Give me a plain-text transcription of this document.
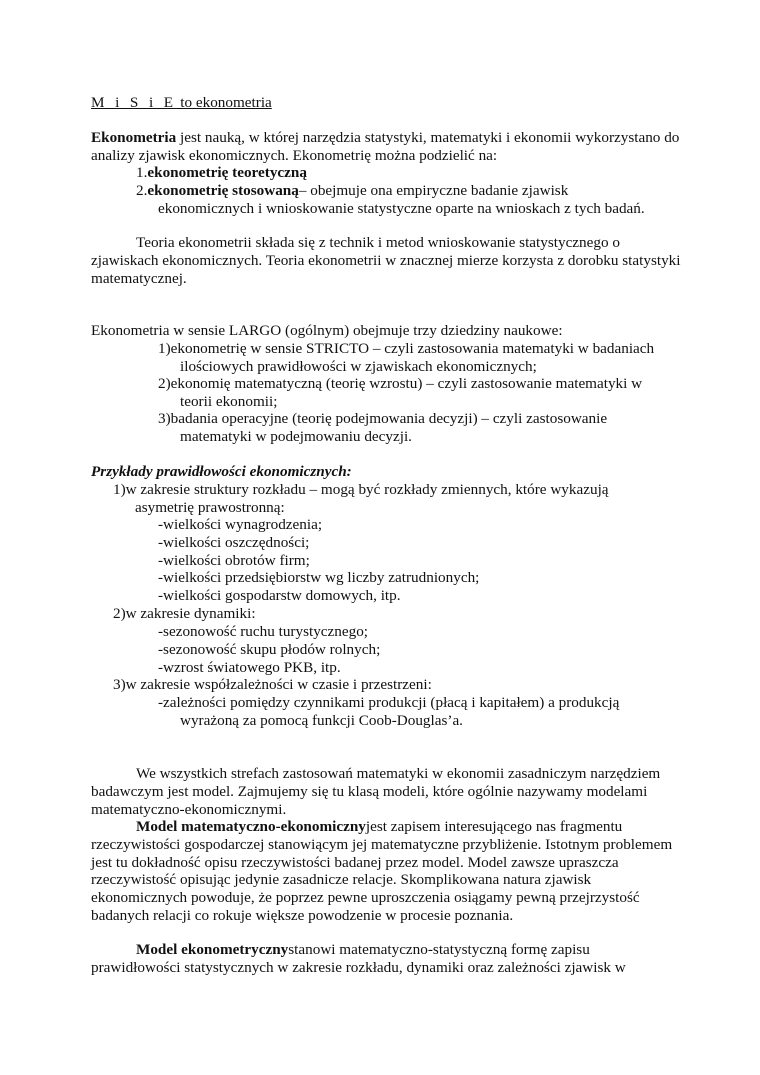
M i S i E to ekonometria

Ekonometria jest nauką, w której narzędzia statystyki, matematyki i ekonomii wykorzystano do analizy zjawisk ekonomicznych. Ekonometrię można podzielić na:

1.ekonometrię teoretyczną
2.ekonometrię stosowaną– obejmuje ona empiryczne badanie zjawisk
ekonomicznych i wnioskowanie statystyczne oparte na wnioskach z tych badań.

Teoria ekonometrii składa się z technik i metod wnioskowanie statystycznego o zjawiskach ekonomicznych. Teoria ekonometrii w znacznej mierze korzysta z dorobku statystyki matematycznej.

Ekonometria w sensie LARGO (ogólnym) obejmuje trzy dziedziny naukowe:

1)ekonometrię w sensie STRICTO – czyli zastosowania matematyki w badaniach
ilościowych prawidłowości w zjawiskach ekonomicznych;
2)ekonomię matematyczną (teorię wzrostu) – czyli zastosowanie matematyki w
teorii ekonomii;
3)badania operacyjne (teorię podejmowania decyzji) – czyli zastosowanie
matematyki w podejmowaniu decyzji.

Przykłady prawidłowości ekonomicznych:

1)w zakresie struktury rozkładu – mogą być rozkłady zmiennych, które wykazują
asymetrię prawostronną:
-wielkości wynagrodzenia;
-wielkości oszczędności;
-wielkości obrotów firm;
-wielkości przedsiębiorstw wg liczby zatrudnionych;
-wielkości gospodarstw domowych, itp.
2)w zakresie dynamiki:
-sezonowość ruchu turystycznego;
-sezonowość skupu płodów rolnych;
-wzrost światowego PKB, itp.
3)w zakresie współzależności w czasie i przestrzeni:
-zależności pomiędzy czynnikami produkcji (płacą i kapitałem) a produkcją
wyrażoną za pomocą funkcji Coob-Douglas’a.

We wszystkich strefach zastosowań matematyki w ekonomii zasadniczym narzędziem badawczym jest model. Zajmujemy się tu klasą modeli, które ogólnie nazywamy modelami matematyczno-ekonomicznymi.

Model matematyczno-ekonomicznyjest zapisem interesującego nas fragmentu rzeczywistości gospodarczej stanowiącym jej matematyczne przybliżenie. Istotnym problemem jest tu dokładność opisu rzeczywistości badanej przez model. Model zawsze upraszcza rzeczywistość opisując jedynie zasadnicze relacje. Skomplikowana natura zjawisk ekonomicznych powoduje, że poprzez pewne uproszczenia osiągamy pewną przejrzystość badanych relacji co rokuje większe powodzenie w procesie poznania.

Model ekonometrycznystanowi matematyczno-statystyczną formę zapisu prawidłowości statystycznych w zakresie rozkładu, dynamiki oraz zależności zjawisk w
